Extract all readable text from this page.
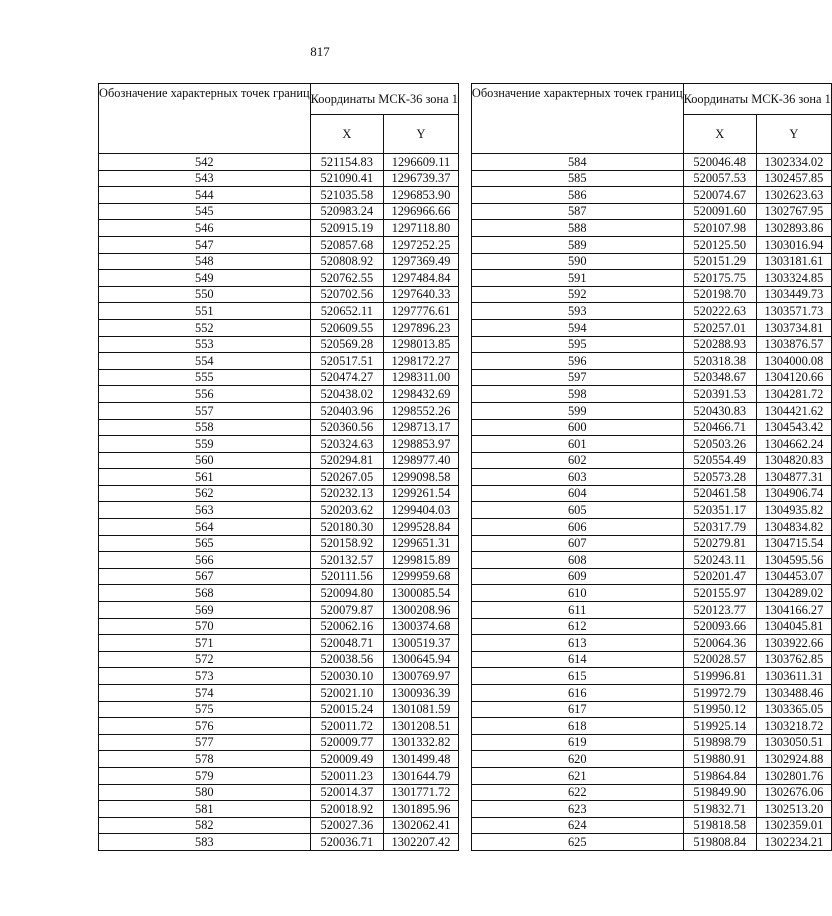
817
Обозначение характерных точек границ	Координаты МСК-36 зона 1	
	X	Y
542	521154.83	1296609.11
543	521090.41	1296739.37
544	521035.58	1296853.90
545	520983.24	1296966.66
546	520915.19	1297118.80
547	520857.68	1297252.25
548	520808.92	1297369.49
549	520762.55	1297484.84
550	520702.56	1297640.33
551	520652.11	1297776.61
552	520609.55	1297896.23
553	520569.28	1298013.85
554	520517.51	1298172.27
555	520474.27	1298311.00
556	520438.02	1298432.69
557	520403.96	1298552.26
558	520360.56	1298713.17
559	520324.63	1298853.97
560	520294.81	1298977.40
561	520267.05	1299098.58
562	520232.13	1299261.54
563	520203.62	1299404.03
564	520180.30	1299528.84
565	520158.92	1299651.31
566	520132.57	1299815.89
567	520111.56	1299959.68
568	520094.80	1300085.54
569	520079.87	1300208.96
570	520062.16	1300374.68
571	520048.71	1300519.37
572	520038.56	1300645.94
573	520030.10	1300769.97
574	520021.10	1300936.39
575	520015.24	1301081.59
576	520011.72	1301208.51
577	520009.77	1301332.82
578	520009.49	1301499.48
579	520011.23	1301644.79
580	520014.37	1301771.72
581	520018.92	1301895.96
582	520027.36	1302062.41
583	520036.71	1302207.42
Обозначение характерных точек границ	Координаты МСК-36 зона 1	
	X	Y
584	520046.48	1302334.02
585	520057.53	1302457.85
586	520074.67	1302623.63
587	520091.60	1302767.95
588	520107.98	1302893.86
589	520125.50	1303016.94
590	520151.29	1303181.61
591	520175.75	1303324.85
592	520198.70	1303449.73
593	520222.63	1303571.73
594	520257.01	1303734.81
595	520288.93	1303876.57
596	520318.38	1304000.08
597	520348.67	1304120.66
598	520391.53	1304281.72
599	520430.83	1304421.62
600	520466.71	1304543.42
601	520503.26	1304662.24
602	520554.49	1304820.83
603	520573.28	1304877.31
604	520461.58	1304906.74
605	520351.17	1304935.82
606	520317.79	1304834.82
607	520279.81	1304715.54
608	520243.11	1304595.56
609	520201.47	1304453.07
610	520155.97	1304289.02
611	520123.77	1304166.27
612	520093.66	1304045.81
613	520064.36	1303922.66
614	520028.57	1303762.85
615	519996.81	1303611.31
616	519972.79	1303488.46
617	519950.12	1303365.05
618	519925.14	1303218.72
619	519898.79	1303050.51
620	519880.91	1302924.88
621	519864.84	1302801.76
622	519849.90	1302676.06
623	519832.71	1302513.20
624	519818.58	1302359.01
625	519808.84	1302234.21
